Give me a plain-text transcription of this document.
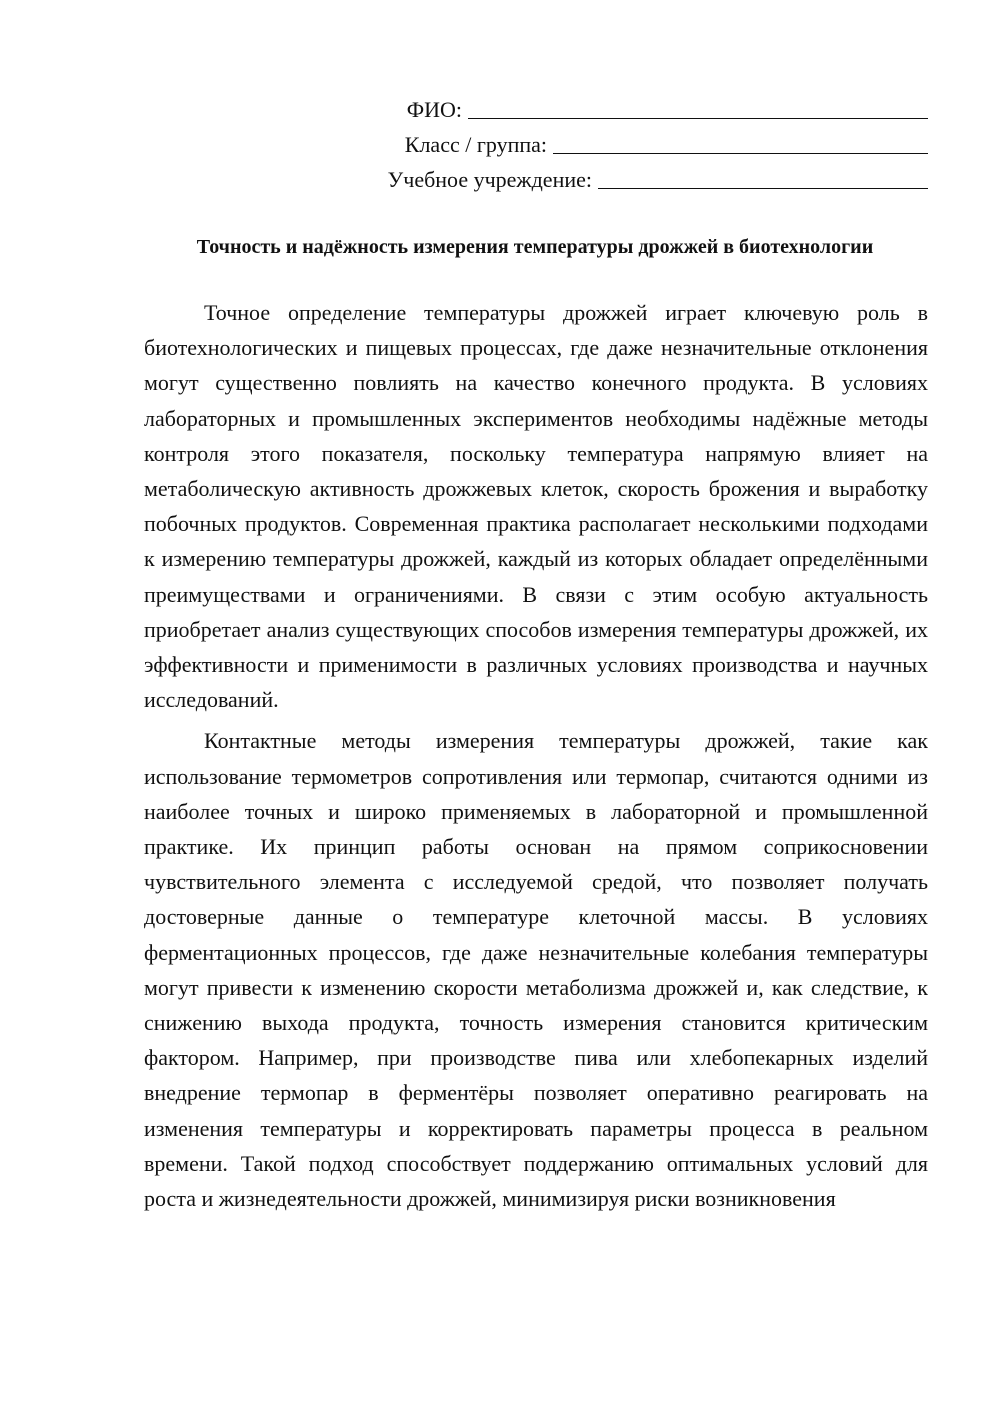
ФИО:
Класс / группа:
Учебное учреждение:
Точность и надёжность измерения температуры дрожжей в биотехнологии

Точное определение температуры дрожжей играет ключевую роль в биотехнологических и пищевых процессах, где даже незначительные отклонения могут существенно повлиять на качество конечного продукта. В условиях лабораторных и промышленных экспериментов необходимы надёжные методы контроля этого показателя, поскольку температура напрямую влияет на метаболическую активность дрожжевых клеток, скорость брожения и выработку побочных продуктов. Современная практика располагает несколькими подходами к измерению температуры дрожжей, каждый из которых обладает определёнными преимуществами и ограничениями. В связи с этим особую актуальность приобретает анализ существующих способов измерения температуры дрожжей, их эффективности и применимости в различных условиях производства и научных исследований.

Контактные методы измерения температуры дрожжей, такие как использование термометров сопротивления или термопар, считаются одними из наиболее точных и широко применяемых в лабораторной и промышленной практике. Их принцип работы основан на прямом соприкосновении чувствительного элемента с исследуемой средой, что позволяет получать достоверные данные о температуре клеточной массы. В условиях ферментационных процессов, где даже незначительные колебания температуры могут привести к изменению скорости метаболизма дрожжей и, как следствие, к снижению выхода продукта, точность измерения становится критическим фактором. Например, при производстве пива или хлебопекарных изделий внедрение термопар в ферментёры позволяет оперативно реагировать на изменения температуры и корректировать параметры процесса в реальном времени. Такой подход способствует поддержанию оптимальных условий для роста и жизнедеятельности дрожжей, минимизируя риски возникновения
